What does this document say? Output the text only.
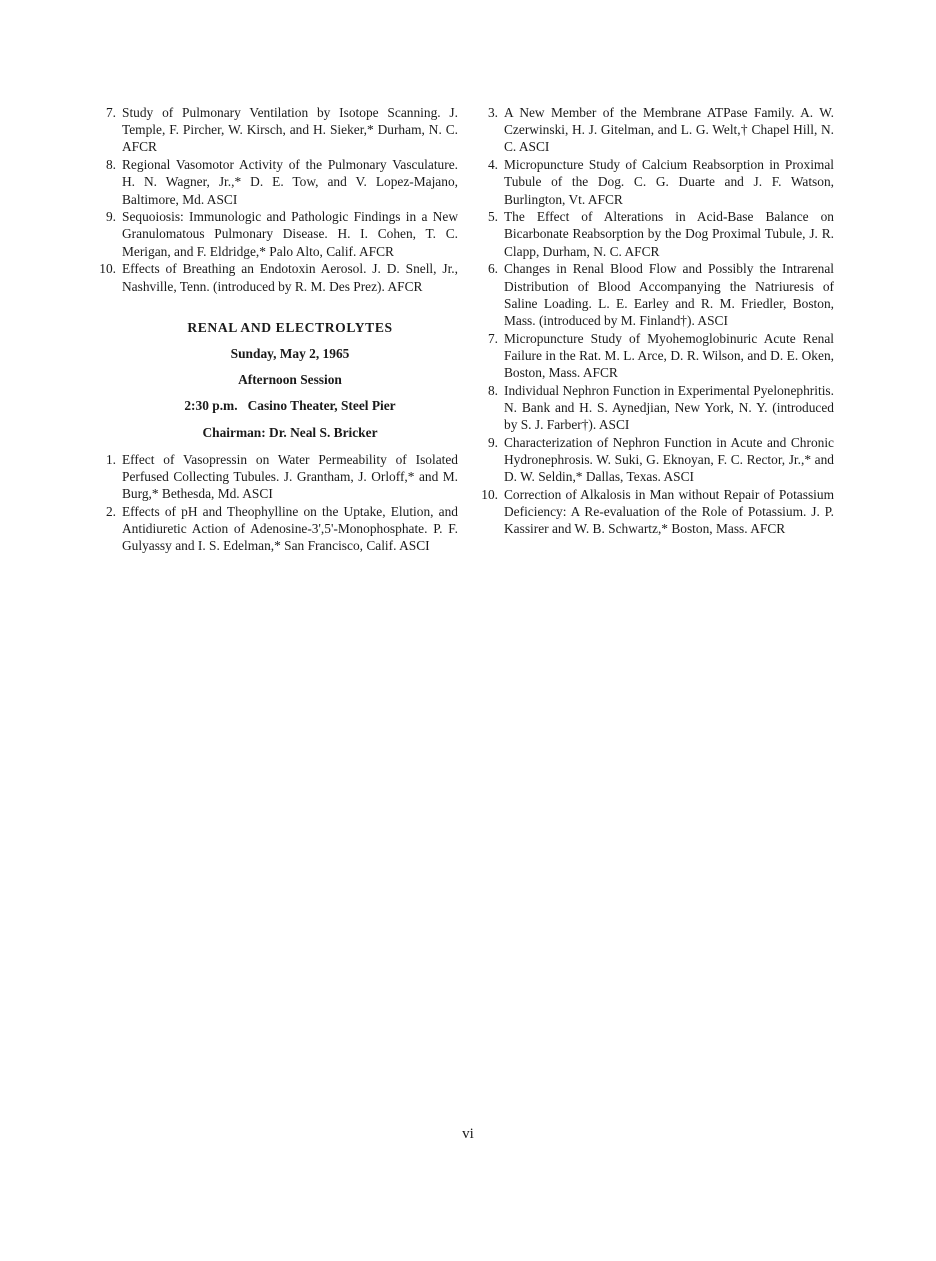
7. Study of Pulmonary Ventilation by Isotope Scanning. J. Temple, F. Pircher, W. Kirsch, and H. Sieker,* Durham, N. C. AFCR
8. Regional Vasomotor Activity of the Pulmonary Vasculature. H. N. Wagner, Jr.,* D. E. Tow, and V. Lopez-Majano, Baltimore, Md. ASCI
9. Sequoiosis: Immunologic and Pathologic Findings in a New Granulomatous Pulmonary Disease. H. I. Cohen, T. C. Merigan, and F. Eldridge,* Palo Alto, Calif. AFCR
10. Effects of Breathing an Endotoxin Aerosol. J. D. Snell, Jr., Nashville, Tenn. (introduced by R. M. Des Prez). AFCR
RENAL AND ELECTROLYTES
Sunday, May 2, 1965
Afternoon Session
2:30 p.m.   Casino Theater, Steel Pier
Chairman: Dr. Neal S. Bricker
1. Effect of Vasopressin on Water Permeability of Isolated Perfused Collecting Tubules. J. Grantham, J. Orloff,* and M. Burg,* Bethesda, Md. ASCI
2. Effects of pH and Theophylline on the Uptake, Elution, and Antidiuretic Action of Adenosine-3',5'-Monophosphate. P. F. Gulyassy and I. S. Edelman,* San Francisco, Calif. ASCI
3. A New Member of the Membrane ATPase Family. A. W. Czerwinski, H. J. Gitelman, and L. G. Welt,† Chapel Hill, N. C. ASCI
4. Micropuncture Study of Calcium Reabsorption in Proximal Tubule of the Dog. C. G. Duarte and J. F. Watson, Burlington, Vt. AFCR
5. The Effect of Alterations in Acid-Base Balance on Bicarbonate Reabsorption by the Dog Proximal Tubule, J. R. Clapp, Durham, N. C. AFCR
6. Changes in Renal Blood Flow and Possibly the Intrarenal Distribution of Blood Accompanying the Natriuresis of Saline Loading. L. E. Earley and R. M. Friedler, Boston, Mass. (introduced by M. Finland†). ASCI
7. Micropuncture Study of Myohemoglobinuric Acute Renal Failure in the Rat. M. L. Arce, D. R. Wilson, and D. E. Oken, Boston, Mass. AFCR
8. Individual Nephron Function in Experimental Pyelonephritis. N. Bank and H. S. Aynedjian, New York, N. Y. (introduced by S. J. Farber†). ASCI
9. Characterization of Nephron Function in Acute and Chronic Hydronephrosis. W. Suki, G. Eknoyan, F. C. Rector, Jr.,* and D. W. Seldin,* Dallas, Texas. ASCI
10. Correction of Alkalosis in Man without Repair of Potassium Deficiency: A Re-evaluation of the Role of Potassium. J. P. Kassirer and W. B. Schwartz,* Boston, Mass. AFCR
vi
